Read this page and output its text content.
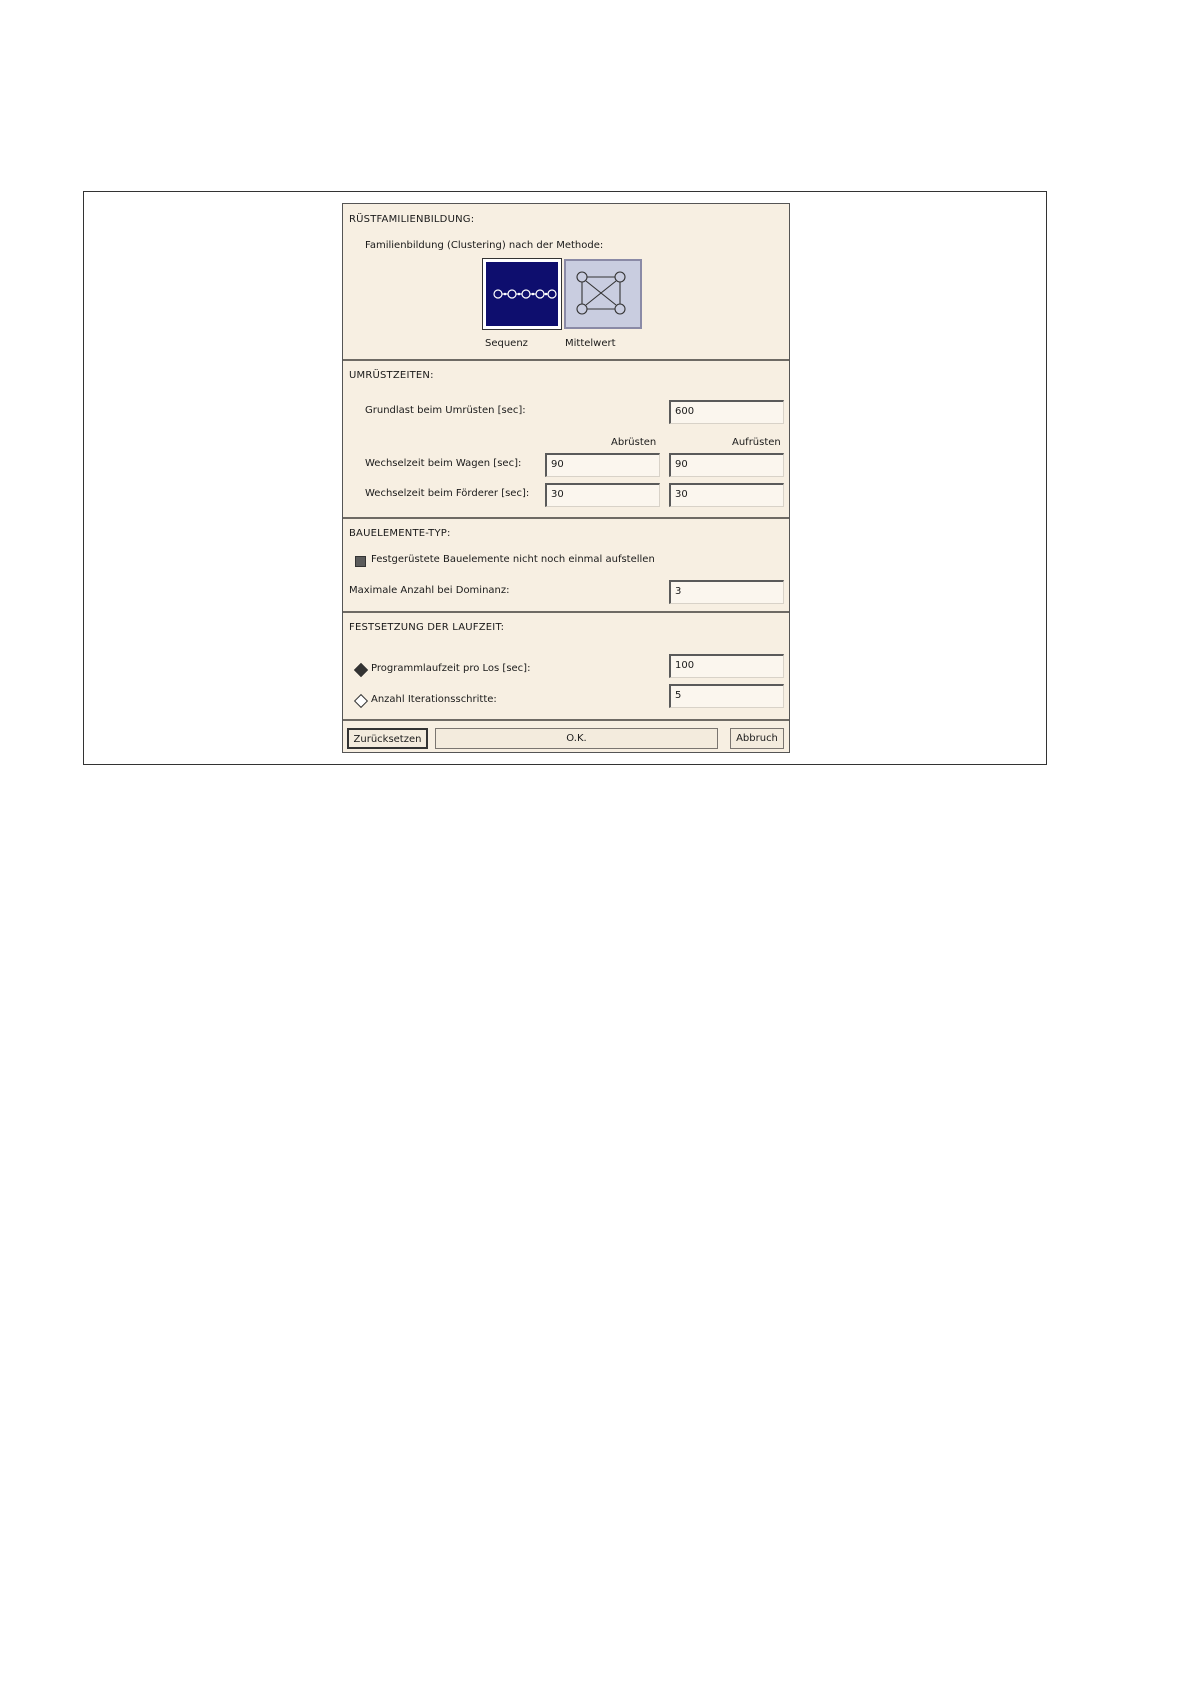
RÜSTFAMILIENBILDUNG:
Familienbildung (Clustering) nach der Methode:
Sequenz	Mittelwert
UMRÜSTZEITEN:
Grundlast beim Umrüsten [sec]:	600
Abrüsten	Aufrüsten
Wechselzeit beim Wagen [sec]:	90	90
Wechselzeit beim Förderer [sec]:	30	30
BAUELEMENTE-TYP:
Festgerüstete Bauelemente nicht noch einmal aufstellen
Maximale Anzahl bei Dominanz:	3
FESTSETZUNG DER LAUFZEIT:
Programmlaufzeit pro Los [sec]:	100
Anzahl Iterationsschritte:	5
Zurücksetzen	O.K.	Abbruch
